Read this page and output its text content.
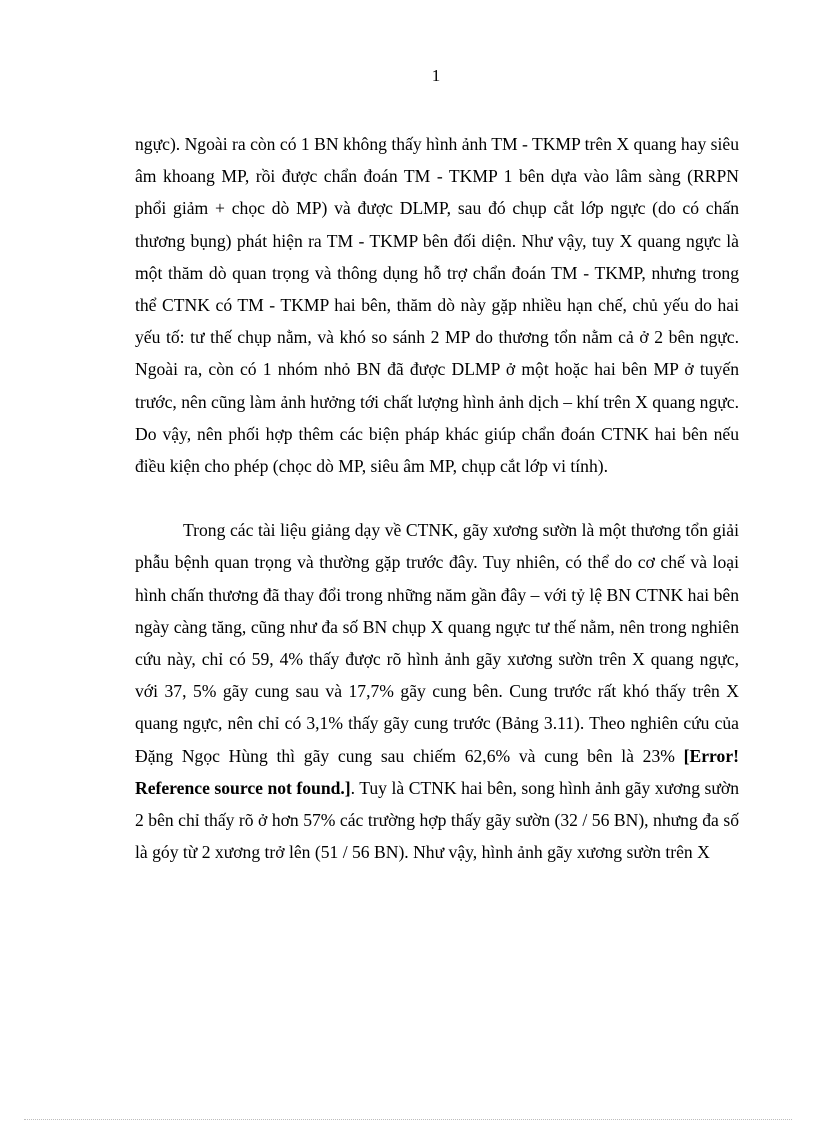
1

ngực). Ngoài ra còn có 1 BN không thấy hình ảnh TM - TKMP trên X quang hay siêu âm khoang MP, rồi được chẩn đoán TM - TKMP 1 bên dựa vào lâm sàng (RRPN phổi giảm + chọc dò MP) và được DLMP, sau đó chụp cắt lớp ngực (do có chấn thương bụng) phát hiện ra TM - TKMP bên đối diện. Như vậy, tuy X quang ngực là một thăm dò quan trọng và thông dụng hỗ trợ chẩn đoán TM - TKMP, nhưng trong thể CTNK có TM - TKMP hai bên, thăm dò này gặp nhiều hạn chế, chủ yếu do hai yếu tố: tư thế chụp nằm, và khó so sánh 2 MP do thương tổn nằm cả ở 2 bên ngực. Ngoài ra, còn có 1 nhóm nhỏ BN đã được DLMP ở một hoặc hai bên MP ở tuyến trước, nên cũng làm ảnh hưởng tới chất lượng hình ảnh dịch – khí trên X quang ngực. Do vậy, nên phối hợp thêm các biện pháp khác giúp chẩn đoán CTNK hai bên nếu điều kiện cho phép (chọc dò MP, siêu âm MP, chụp cắt lớp vi tính).

Trong các tài liệu giảng dạy về CTNK, gãy xương sườn là một thương tổn giải phẫu bệnh quan trọng và thường gặp trước đây. Tuy nhiên, có thể do cơ chế và loại hình chấn thương đã thay đổi trong những năm gần đây – với tỷ lệ BN CTNK hai bên ngày càng tăng, cũng như đa số BN chụp X quang ngực tư thế nằm, nên trong nghiên cứu này, chỉ có 59, 4% thấy được rõ hình ảnh gãy xương sườn trên X quang ngực, với 37, 5% gãy cung sau và 17,7% gãy cung bên. Cung trước rất khó thấy trên X quang ngực, nên chỉ có 3,1% thấy gãy cung trước (Bảng 3.11). Theo nghiên cứu của Đặng Ngọc Hùng thì gãy cung sau chiếm 62,6% và cung bên là 23% [Error! Reference source not found.]. Tuy là CTNK hai bên, song hình ảnh gãy xương sườn 2 bên chỉ thấy rõ ở hơn 57% các trường hợp thấy gãy sườn (32 / 56 BN), nhưng đa số là góy từ 2 xương trở lên (51 / 56 BN). Như vậy, hình ảnh gãy xương sườn trên X
